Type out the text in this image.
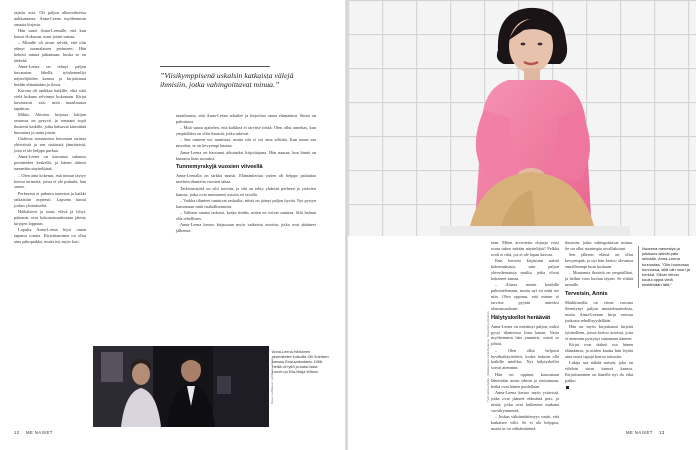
rajattu asia. Oli paljon alkuvaiheessa nukkumassa. Anna-Leena myöhemmin omasta kirjasta.

Hän sanoi Anna-Leenalle, että kun katsoi elokuvan, tunsi jotain samaa.

– Minulle oli aivan selvää, että olin tehnyt suomalaisen perinteen. Hän kehotti minua jatkamaan, koska se on tärkeää.

Anna-Leena on tehnyt paljon kuvausten lähellä, työskennellyt näyttelijöiden kanssa ja kirjoittanut heidän elämästään ja ilosta.

Korona oli rankkaa kaikille, eikä siitä vielä kukaan selvinnyt kokonaan. Kirjat kuvastavat sitä, mitä maailmassa tapahtuu.

Mikko Ahtosen kirjassa lukijan seurassa on pysyvä, ja romaani sopii ikuisesti kaikille, jotka haluavat kiinnittää huomiota ja uutta jotain.

Uudessa romaanissa kerrotaan tarinaa yhteisöstä ja sen sisäisistä jännitteistä, joita ei ole helppo purkaa.

Anna-Leena on kasvanut sukunsa perinteiden keskellä, ja hänen äitinsä tunnettiin näyttelijänä.

– Olen aina kokenut, että minun täytyy kertoa tarinoita, joista ei ole puhuttu, hän sanoo.

Perheessä ei puhuttu tunteista ja kaikki ratkaistiin nopeasti. Lapsena tuntui joskus yksinäiseltä.

Häikäisevä ja suuri, elävä ja lyhyt, pääomat ovat kokonaisuudessaan jätetty kirjojen loppuun.

Lopulta Anna-Leena löysi oman tapansa toimia. Kirjoittaminen on ollut aina pakopaikka, mutta nyt myös koti.

”Viisikymppisenä uskalsin katkaista välejä ihmisiin, jotka vahingoittavat minua.”

maailmasta, että Anna-Leena arkailee ja kirjoittaa omaa elämäänsä. Sitten on puhuttava.

– Mitä sanoa ajattelen, että kaikkea ei tarvitse tietää. Olen ollut onnekas, kun ympärilläni on ollut ihmisiä, jotka tukevat.

– Sen tunteen voi tunnistaa, mutta sitä ei voi aina selittää. Kun tunne saa muodon, se on kevyempi kantaa.

Anna-Leena on kasvanut aikuiseksi kirjoittajana. Hän nauraa, kun häntä on kutsuttu liian suoraksi.

Tunnemyrskyjä vuosien viiveellä

Anna-Leenalla on tarkka muisti. Elämänkertaa varten oli helppo palauttaa mieleen tilanteita vuosien takaa.

Tarkistustyötä on silti tarvittu, ja sitä on tehty yhdessä perheen ja ystävien kanssa, jotka ovat muistaneet asioita eri tavalla.

– Vaikka tilanteet tuntuivat raskailta, niistä on jäänyt paljon hyvää. Nyt pystyn katsomaan niitä rauhallisemmin.

– Valitsen sanani tarkasti, koska tiedän, miten ne voivat satuttaa. Silti haluan olla rehellinen.

Anna-Leena kertoo kirjassaan myös vaikeista asioista, jotka ovat jättäneet jälkensä.

Anna-Leena Härkönen seurustelee kutsuilla Olli Soinisen kanssa Elokuvatuotanto 1986. Heillä oli tyttö ja kaksi lasta Lumen ja Eila-Maija Wilson.
Kuva: Lehtikuva / Lehtikuva arkisto
12 ME NAISET
Tyyli Henna Kallio · Maskeeraus Lotta Kanerva · Kuvat Eino Ahonen

taan. Miten arvostettu ohjaaja voisi osata tukea mitään näyttelijää? Pelkkä rooli ei riitä, jos ei ole lupaa kasvaa.

Kun kerroin kirjassani näistä kokemuksista, sain paljon yhteydenottoja muilta, jotka olivat kokeneet samaa.

– Alussa menin koululle pahoittelemaan, mutta nyt en enää tee niin. Olen oppinut, että minun ei tarvitse pyytää anteeksi olemassaoloani.

Hälytyskellot heräävät

Anna-Leena on miettinyt paljon, miksi pysyi tilanteissa liian kauan. Vasta myöhemmin hän ymmärsi, mistä se johtui.

– Olen ollut helposti hyväksikäytettävä, koska halusin olla kaikille mieliksi. Nyt hälytyskellot soivat aiemmin.

Hän on oppinut katsomaan läheisiään uusin silmin ja erottamaan, ketkä ovat hänen puolellaan.

Anna-Leena kertoo myös ystävistä, jotka ovat jääneet elämästä pois, ja niistä, jotka ovat kulkeneet mukana vuosikymmeniä.

– Joskus välttämättömyys vaatii, että katkaisee välit. Se ei ole helppoa, mutta se on välttämätöntä.

ihmisiin, jotka vahingoittavat minua. Se on ollut suurimpia oivalluksiani.

Sen jälkeen elämä on ollut kevyempää, ja nyt hän kertoo olevansa onnellisempi kuin koskaan.

– Muutamia ihmisiä on ympärilläni, ja heihin voin luottaa täysin. Se riittää minulle.

Terveisin, Annis

Markkinoilla on viime vuosina ilmestynyt paljon muistelmateoksia, mutta Anna-Leenan kirja erottuu joukosta rehellisyydellään.

Hän on myös kirjoittanut kirjeitä tyttärelleen, joissa kertoo asioista, joita ei aiemmin pystynyt sanomaan ääneen.

Kirjat ovat tärkeä osa hänen elämäänsä, ja niiden kautta hän löytää aina uusia tapoja kertoa tarinoita.

Lukija saa nähdä naisen, joka on vihdoin sinut itsensä kanssa. Kirjoittaminen on hänelle nyt ilo eikä pakko.

Nuorena menestys ja julkisuus iskivät päin seinään, Anna-Leena tunnustaa. ”Olin huonossa kunnossa, sillä olin nuori ja herkkä. Silloin minun kuului oppia vielä kestämään tätä.”
ME NAISET 13
